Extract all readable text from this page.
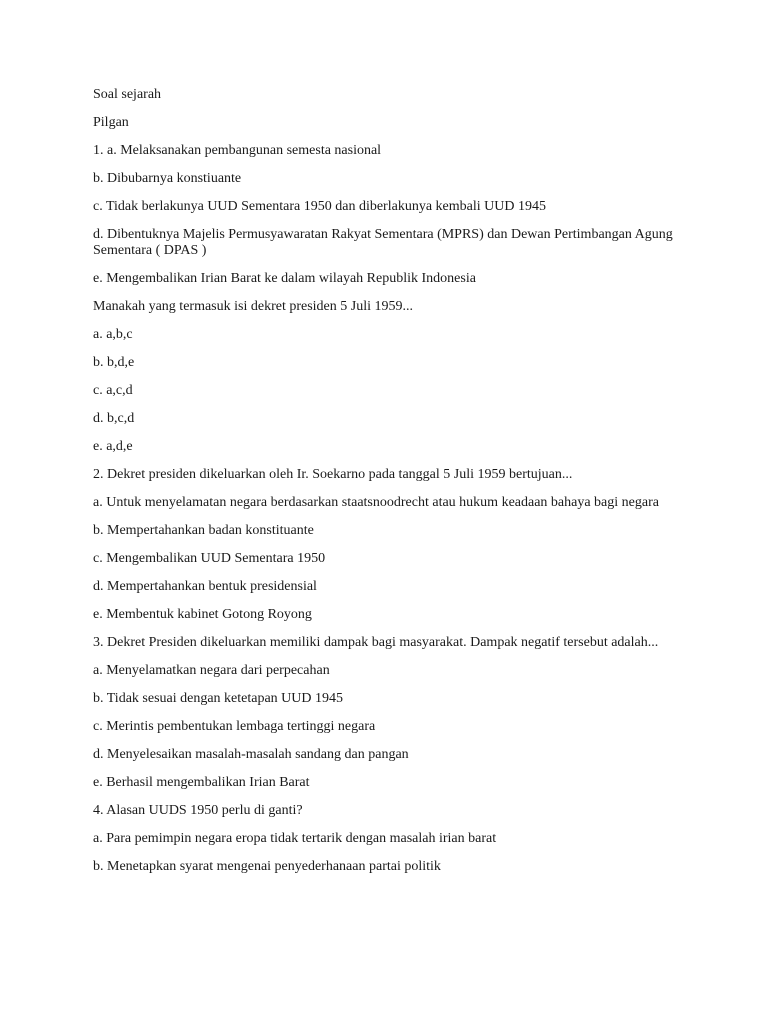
Soal sejarah

Pilgan

1. a. Melaksanakan pembangunan semesta nasional

b. Dibubarnya konstiuante

c. Tidak berlakunya UUD Sementara 1950 dan diberlakunya kembali UUD 1945

d. Dibentuknya Majelis Permusyawaratan Rakyat Sementara (MPRS) dan Dewan Pertimbangan Agung Sementara ( DPAS )

e. Mengembalikan Irian Barat ke dalam wilayah Republik Indonesia

Manakah yang termasuk isi dekret presiden 5 Juli 1959...

a. a,b,c

b. b,d,e

c. a,c,d

d. b,c,d

e. a,d,e

2. Dekret presiden dikeluarkan oleh Ir. Soekarno pada tanggal 5 Juli 1959 bertujuan...

a. Untuk menyelamatan negara berdasarkan staatsnoodrecht atau hukum keadaan bahaya bagi negara

b. Mempertahankan badan konstituante

c. Mengembalikan UUD Sementara 1950

d. Mempertahankan bentuk presidensial

e. Membentuk kabinet Gotong Royong

3. Dekret Presiden dikeluarkan memiliki dampak bagi masyarakat. Dampak negatif tersebut adalah...

a. Menyelamatkan negara dari perpecahan

b. Tidak sesuai dengan ketetapan UUD 1945

c. Merintis pembentukan lembaga tertinggi negara

d. Menyelesaikan masalah-masalah sandang dan pangan

e. Berhasil mengembalikan Irian Barat

4. Alasan UUDS 1950 perlu di ganti?

a. Para pemimpin negara eropa tidak tertarik dengan masalah irian barat

b. Menetapkan syarat mengenai penyederhanaan partai politik
